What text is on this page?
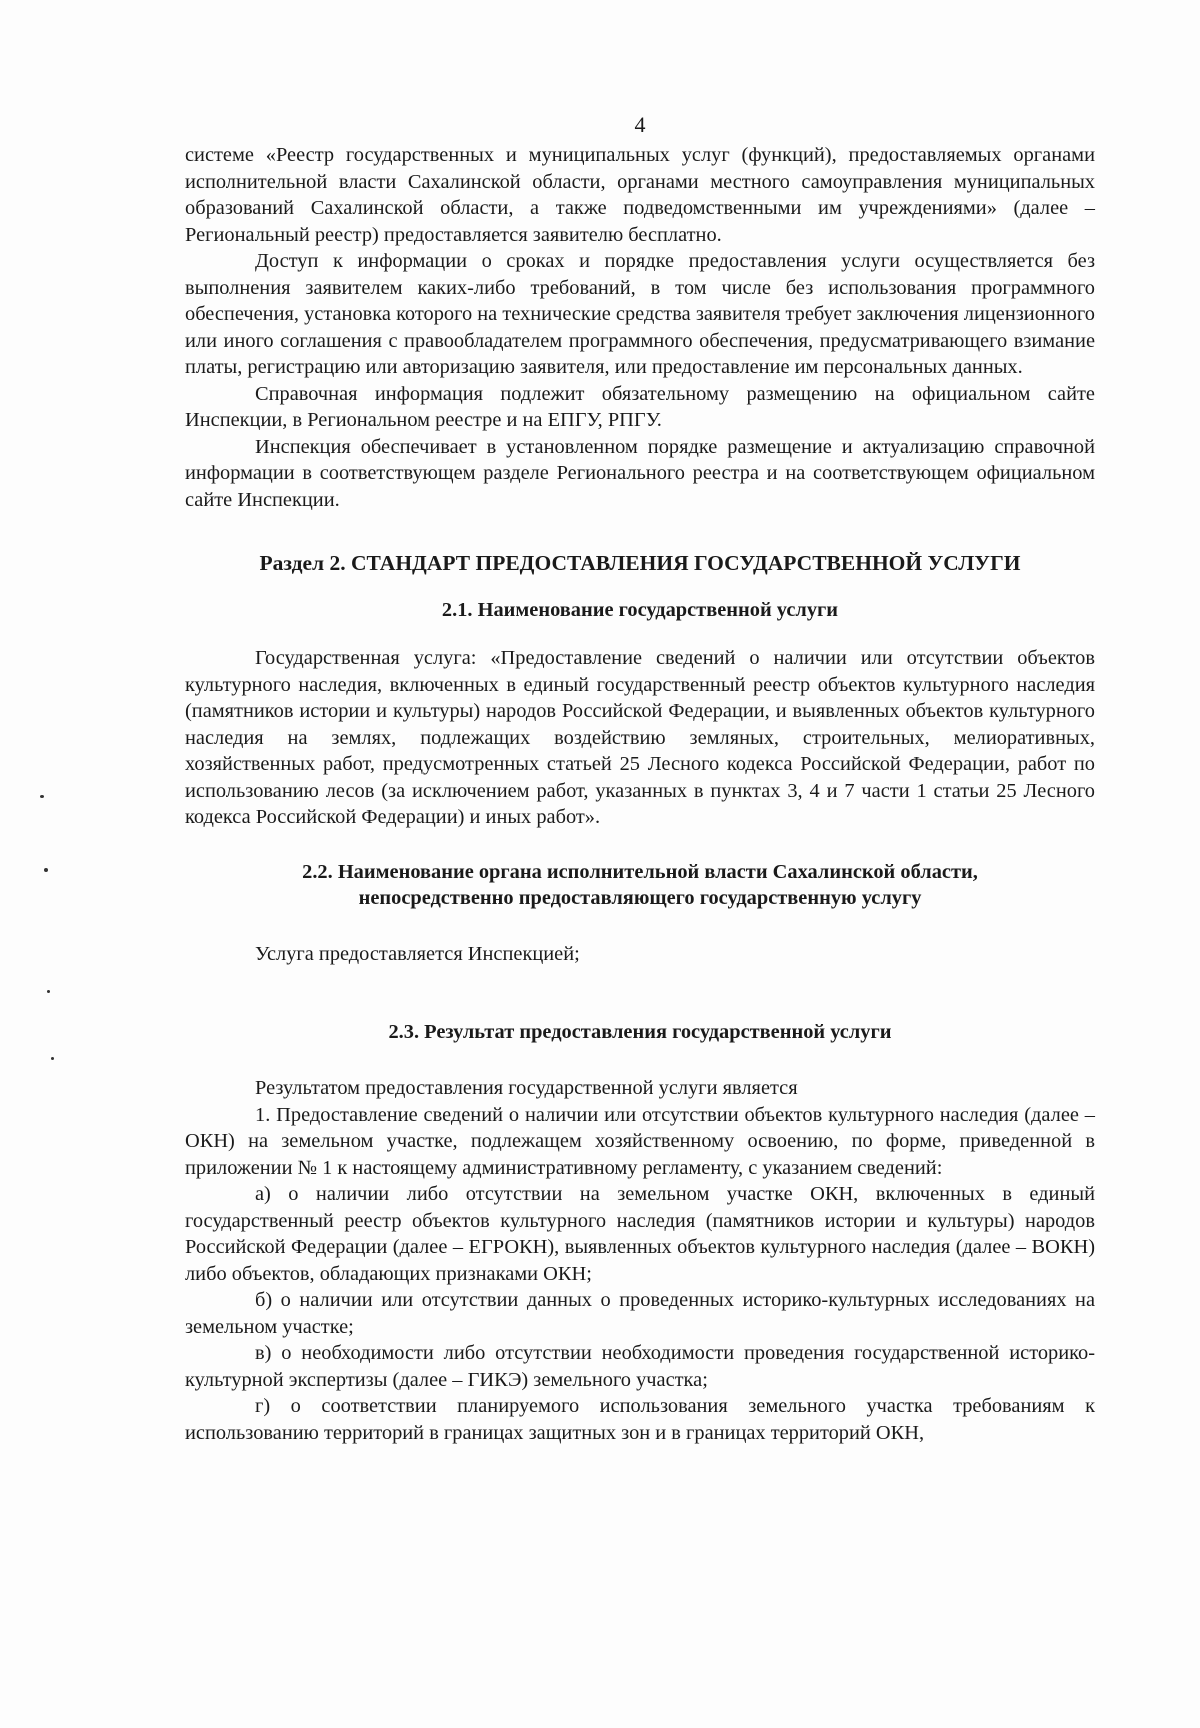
4

системе «Реестр государственных и муниципальных услуг (функций), предоставляемых органами исполнительной власти Сахалинской области, органами местного самоуправления муниципальных образований Сахалинской области, а также подведомственными им учреждениями» (далее – Региональный реестр) предоставляется заявителю бесплатно.

Доступ к информации о сроках и порядке предоставления услуги осуществляется без выполнения заявителем каких-либо требований, в том числе без использования программного обеспечения, установка которого на технические средства заявителя требует заключения лицензионного или иного соглашения с правообладателем программного обеспечения, предусматривающего взимание платы, регистрацию или авторизацию заявителя, или предоставление им персональных данных.

Справочная информация подлежит обязательному размещению на официальном сайте Инспекции, в Региональном реестре и на ЕПГУ, РПГУ.

Инспекция обеспечивает в установленном порядке размещение и актуализацию справочной информации в соответствующем разделе Регионального реестра и на соответствующем официальном сайте Инспекции.

Раздел 2. СТАНДАРТ ПРЕДОСТАВЛЕНИЯ ГОСУДАРСТВЕННОЙ УСЛУГИ
2.1. Наименование государственной услуги

Государственная услуга: «Предоставление сведений о наличии или отсутствии объектов культурного наследия, включенных в единый государственный реестр объектов культурного наследия (памятников истории и культуры) народов Российской Федерации, и выявленных объектов культурного наследия на землях, подлежащих воздействию земляных, строительных, мелиоративных, хозяйственных работ, предусмотренных статьей 25 Лесного кодекса Российской Федерации, работ по использованию лесов (за исключением работ, указанных в пунктах 3, 4 и 7 части 1 статьи 25 Лесного кодекса Российской Федерации) и иных работ».

2.2. Наименование органа исполнительной власти Сахалинской области,
непосредственно предоставляющего государственную услугу

Услуга предоставляется Инспекцией;

2.3. Результат предоставления государственной услуги

Результатом предоставления государственной услуги является

1. Предоставление сведений о наличии или отсутствии объектов культурного наследия (далее – ОКН) на земельном участке, подлежащем хозяйственному освоению, по форме, приведенной в приложении № 1 к настоящему административному регламенту, с указанием сведений:

а) о наличии либо отсутствии на земельном участке ОКН, включенных в единый государственный реестр объектов культурного наследия (памятников истории и культуры) народов Российской Федерации (далее – ЕГРОКН), выявленных объектов культурного наследия (далее – ВОКН) либо объектов, обладающих признаками ОКН;

б) о наличии или отсутствии данных о проведенных историко-культурных исследованиях на земельном участке;

в) о необходимости либо отсутствии необходимости проведения государственной историко-культурной экспертизы (далее – ГИКЭ) земельного участка;

г) о соответствии планируемого использования земельного участка требованиям к использованию территорий в границах защитных зон и в границах территорий ОКН,
